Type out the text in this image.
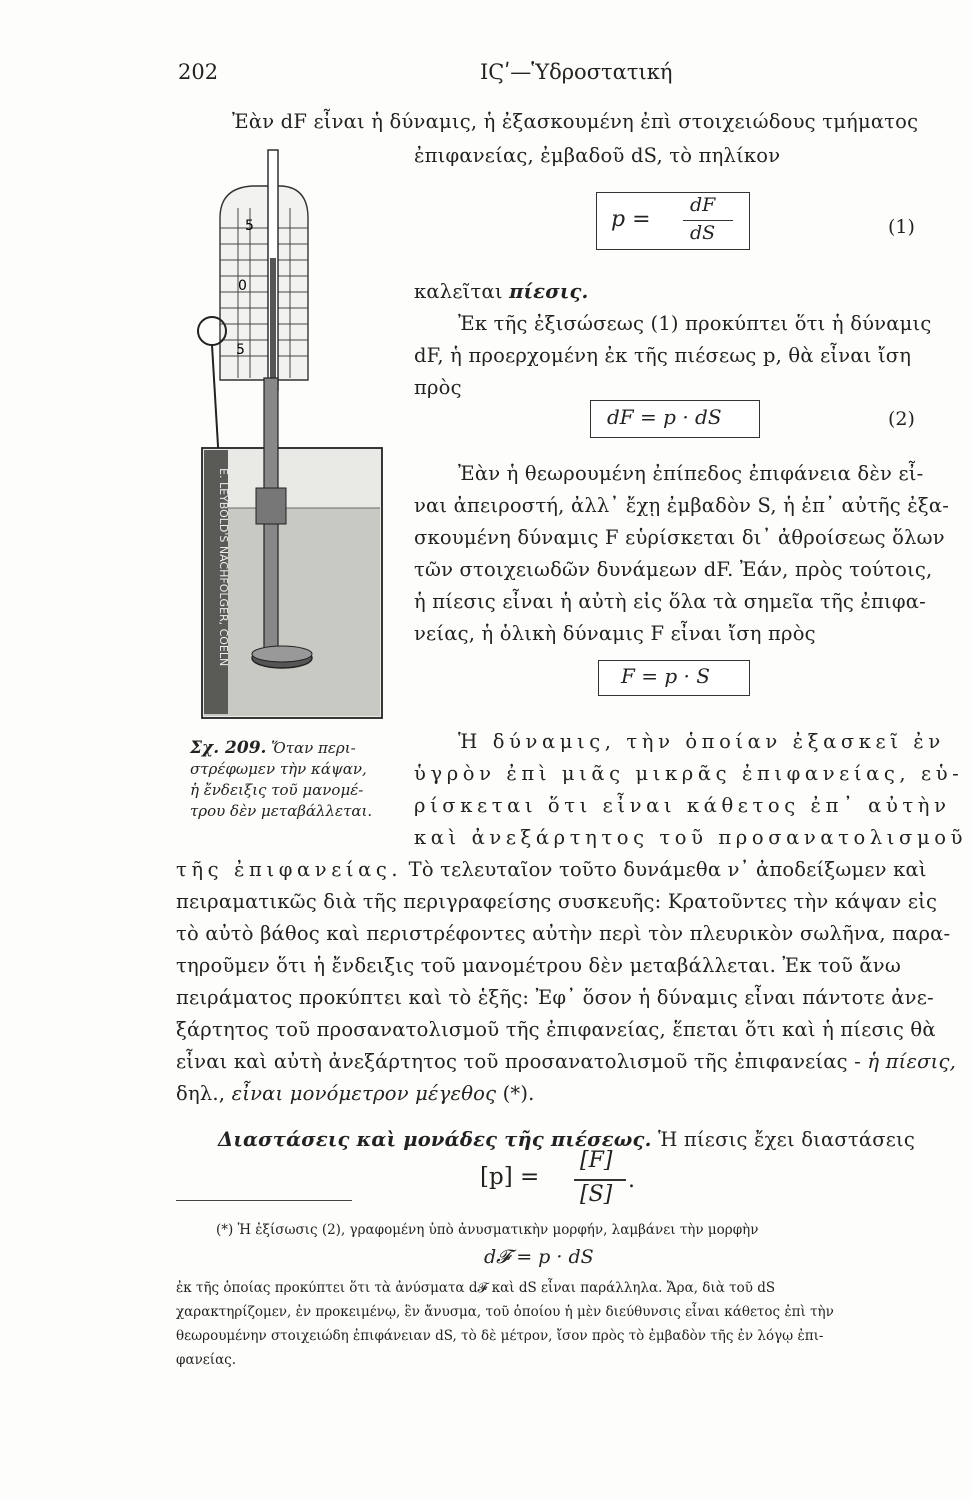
202	ΙϚʹ—Ὑδροστατική
Ἐὰν dF εἶναι ἡ δύναμις, ἡ ἐξασκουμένη ἐπὶ στοιχειώδους τμήματος
ἐπιφανείας, ἐμβαδοῦ dS, τὸ πηλίκον
p =
dF
dS	(1)
καλεῖται πίεσις.
Ἐκ τῆς ἐξισώσεως (1) προκύπτει ὅτι ἡ δύναμις
dF, ἡ προερχομένη ἐκ τῆς πιέσεως p, θὰ εἶναι ἴση
πρὸς
dF = p · dS	(2)
Ἐὰν ἡ θεωρουμένη ἐπίπεδος ἐπιφάνεια δὲν εἶ-
ναι ἀπειροστή, ἀλλ᾽ ἔχῃ ἐμβαδὸν S, ἡ ἐπ᾽ αὐτῆς ἐξα-
σκουμένη δύναμις F εὑρίσκεται δι᾽ ἀθροίσεως ὅλων
τῶν στοιχειωδῶν δυνάμεων dF. Ἐάν, πρὸς τούτοις,
ἡ πίεσις εἶναι ἡ αὐτὴ εἰς ὅλα τὰ σημεῖα τῆς ἐπιφα-
νείας, ἡ ὁλικὴ δύναμις F εἶναι ἴση πρὸς
F = p · S
5
0
5
E. LEYBOLD'S NACHFOLGER, COELN
Σχ. 209. Ὅταν περι-
στρέφωμεν τὴν κάψαν,
ἡ ἔνδειξις τοῦ μανομέ-
τρου δὲν μεταβάλλεται.
Ἡ δύναμις, τὴν ὁποίαν ἐξασκεῖ ἐν
ὑγρὸν ἐπὶ μιᾶς μικρᾶς ἐπιφανείας, εὑ-
ρίσκεται ὅτι εἶναι κάθετος ἐπ᾽ αὐτὴν
καὶ ἀνεξάρτητος τοῦ προσανατολισμοῦ
τῆς ἐπιφανείας. Τὸ τελευταῖον τοῦτο δυνάμεθα ν᾽ ἀποδείξωμεν καὶ
πειραματικῶς διὰ τῆς περιγραφείσης συσκευῆς: Κρατοῦντες τὴν κάψαν εἰς
τὸ αὐτὸ βάθος καὶ περιστρέφοντες αὐτὴν περὶ τὸν πλευρικὸν σωλῆνα, παρα-
τηροῦμεν ὅτι ἡ ἔνδειξις τοῦ μανομέτρου δὲν μεταβάλλεται. Ἐκ τοῦ ἄνω
πειράματος προκύπτει καὶ τὸ ἑξῆς: Ἐφ᾽ ὅσον ἡ δύναμις εἶναι πάντοτε ἀνε-
ξάρτητος τοῦ προσανατολισμοῦ τῆς ἐπιφανείας, ἕπεται ὅτι καὶ ἡ πίεσις θὰ
εἶναι καὶ αὐτὴ ἀνεξάρτητος τοῦ προσανατολισμοῦ τῆς ἐπιφανείας - ἡ πίεσις,
δηλ., εἶναι μονόμετρον μέγεθος (*).
Διαστάσεις καὶ μονάδες τῆς πιέσεως. Ἡ πίεσις ἔχει διαστάσεις
[p] =
[F]
[S]
.
(*) Ἡ ἐξίσωσις (2), γραφομένη ὑπὸ ἀνυσματικὴν μορφήν, λαμβάνει τὴν μορφὴν
d𝓕 = p · dS
ἐκ τῆς ὁποίας προκύπτει ὅτι τὰ ἀνύσματα d𝓕 καὶ dS εἶναι παράλληλα. Ἄρα, διὰ τοῦ dS
χαρακτηρίζομεν, ἐν προκειμένῳ, ἓν ἄνυσμα, τοῦ ὁποίου ἡ μὲν διεύθυνσις εἶναι κάθετος ἐπὶ τὴν
θεωρουμένην στοιχειώδη ἐπιφάνειαν dS, τὸ δὲ μέτρον, ἴσον πρὸς τὸ ἐμβαδὸν τῆς ἐν λόγῳ ἐπι-
φανείας.
